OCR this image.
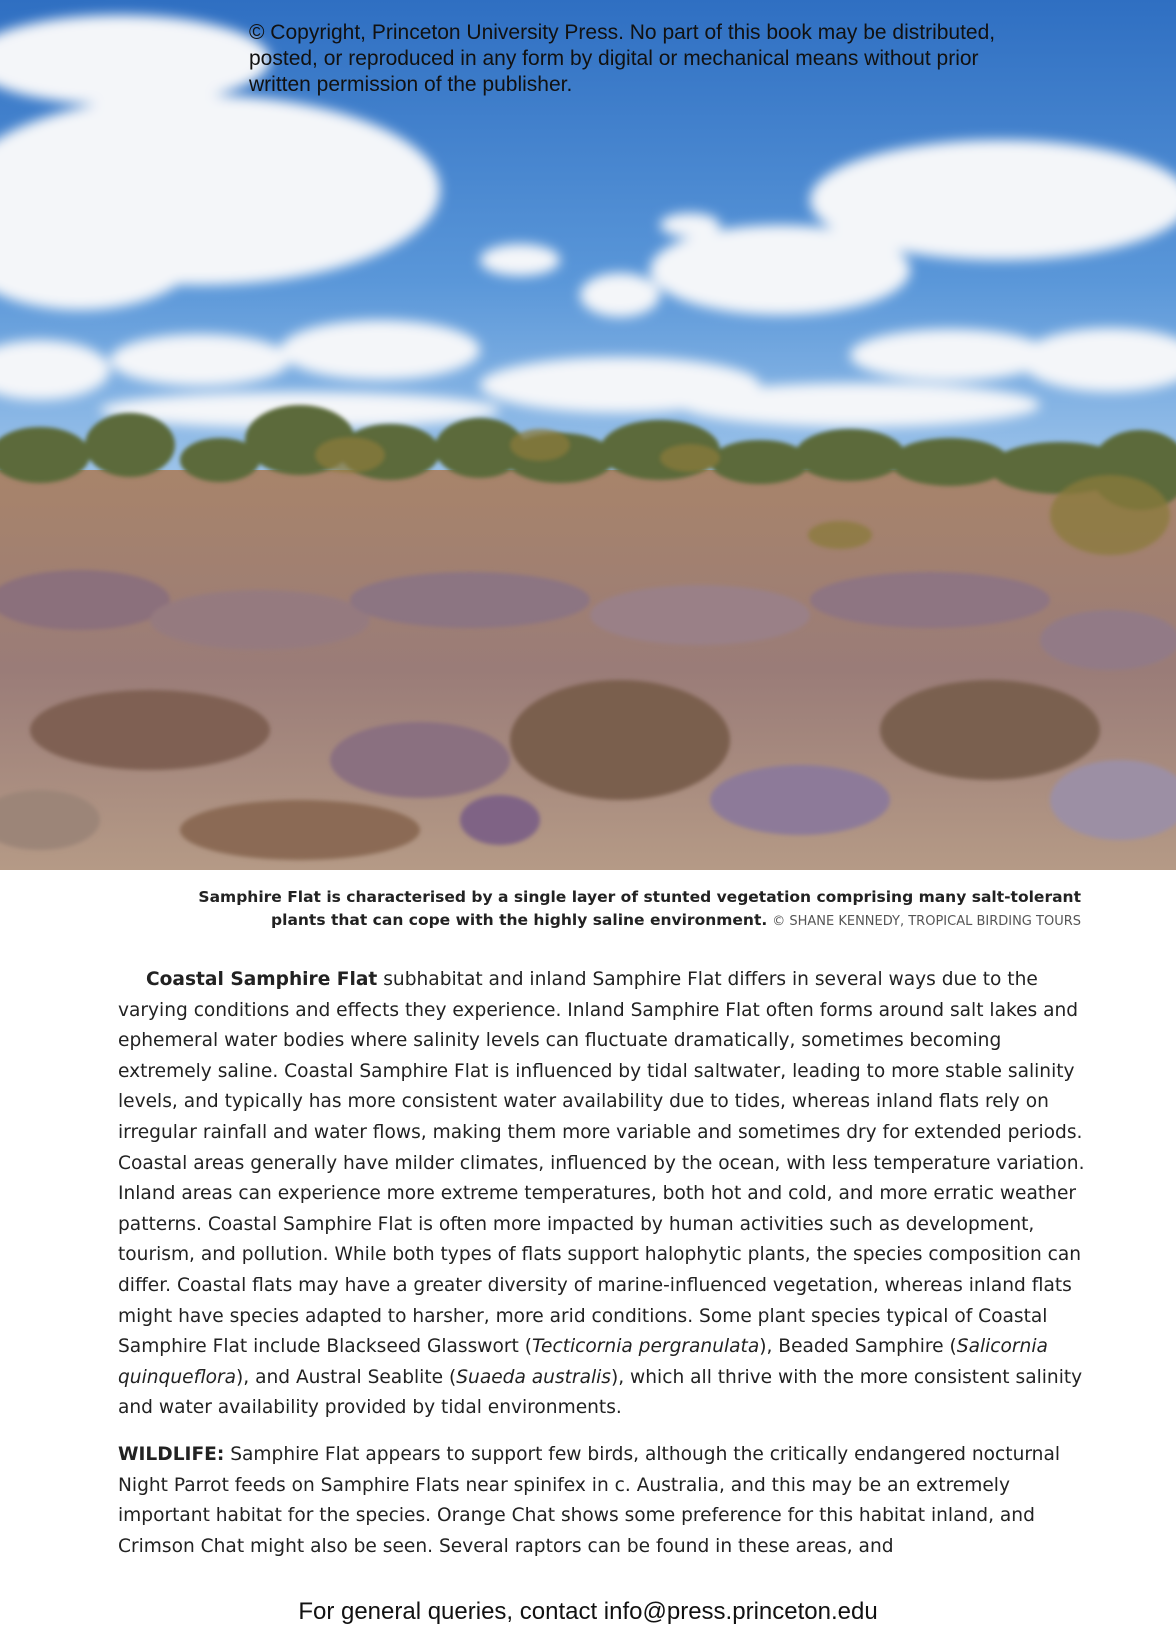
© Copyright, Princeton University Press. No part of this book may be distributed, posted, or reproduced in any form by digital or mechanical means without prior written permission of the publisher.
Samphire Flat is characterised by a single layer of stunted vegetation comprising many salt-tolerant plants that can cope with the highly saline environment. © SHANE KENNEDY, TROPICAL BIRDING TOURS

Coastal Samphire Flat subhabitat and inland Samphire Flat differs in several ways due to the varying conditions and effects they experience. Inland Samphire Flat often forms around salt lakes and ephemeral water bodies where salinity levels can fluctuate dramatically, sometimes becoming extremely saline. Coastal Samphire Flat is influenced by tidal saltwater, leading to more stable salinity levels, and typically has more consistent water availability due to tides, whereas inland flats rely on irregular rainfall and water flows, making them more variable and sometimes dry for extended periods. Coastal areas generally have milder climates, influenced by the ocean, with less temperature variation. Inland areas can experience more extreme temperatures, both hot and cold, and more erratic weather patterns. Coastal Samphire Flat is often more impacted by human activities such as development, tourism, and pollution. While both types of flats support halophytic plants, the species composition can differ. Coastal flats may have a greater diversity of marine-influenced vegetation, whereas inland flats might have species adapted to harsher, more arid conditions. Some plant species typical of Coastal Samphire Flat include Blackseed Glasswort (Tecticornia pergranulata), Beaded Samphire (Salicornia quinqueflora), and Austral Seablite (Suaeda australis), which all thrive with the more consistent salinity and water availability provided by tidal environments.

WILDLIFE: Samphire Flat appears to support few birds, although the critically endangered nocturnal Night Parrot feeds on Samphire Flats near spinifex in c. Australia, and this may be an extremely important habitat for the species. Orange Chat shows some preference for this habitat inland, and Crimson Chat might also be seen. Several raptors can be found in these areas, and

For general queries, contact info@press.princeton.edu
